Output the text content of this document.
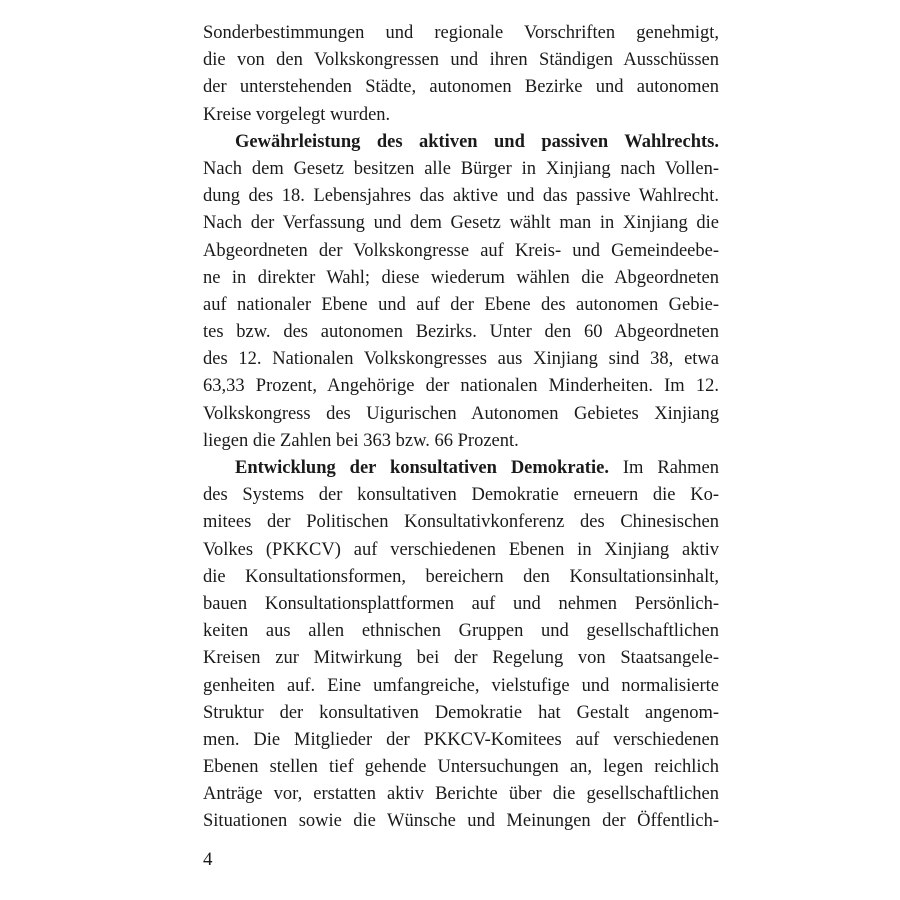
Sonderbestimmungen und regionale Vorschriften genehmigt,
die von den Volkskongressen und ihren Ständigen Ausschüssen
der unterstehenden Städte, autonomen Bezirke und autonomen
Kreise vorgelegt wurden.
Gewährleistung des aktiven und passiven Wahlrechts.
Nach dem Gesetz besitzen alle Bürger in Xinjiang nach Vollen-
dung des 18. Lebensjahres das aktive und das passive Wahlrecht.
Nach der Verfassung und dem Gesetz wählt man in Xinjiang die
Abgeordneten der Volkskongresse auf Kreis- und Gemeindeebe-
ne in direkter Wahl; diese wiederum wählen die Abgeordneten
auf nationaler Ebene und auf der Ebene des autonomen Gebie-
tes bzw. des autonomen Bezirks. Unter den 60 Abgeordneten
des 12. Nationalen Volkskongresses aus Xinjiang sind 38, etwa
63,33 Prozent, Angehörige der nationalen Minderheiten. Im 12.
Volkskongress des Uigurischen Autonomen Gebietes Xinjiang
liegen die Zahlen bei 363 bzw. 66 Prozent.
Entwicklung der konsultativen Demokratie. Im Rahmen
des Systems der konsultativen Demokratie erneuern die Ko-
mitees der Politischen Konsultativkonferenz des Chinesischen
Volkes (PKKCV) auf verschiedenen Ebenen in Xinjiang aktiv
die Konsultationsformen, bereichern den Konsultationsinhalt,
bauen Konsultationsplattformen auf und nehmen Persönlich-
keiten aus allen ethnischen Gruppen und gesellschaftlichen
Kreisen zur Mitwirkung bei der Regelung von Staatsangele-
genheiten auf. Eine umfangreiche, vielstufige und normalisierte
Struktur der konsultativen Demokratie hat Gestalt angenom-
men. Die Mitglieder der PKKCV-Komitees auf verschiedenen
Ebenen stellen tief gehende Untersuchungen an, legen reichlich
Anträge vor, erstatten aktiv Berichte über die gesellschaftlichen
Situationen sowie die Wünsche und Meinungen der Öffentlich-
4
